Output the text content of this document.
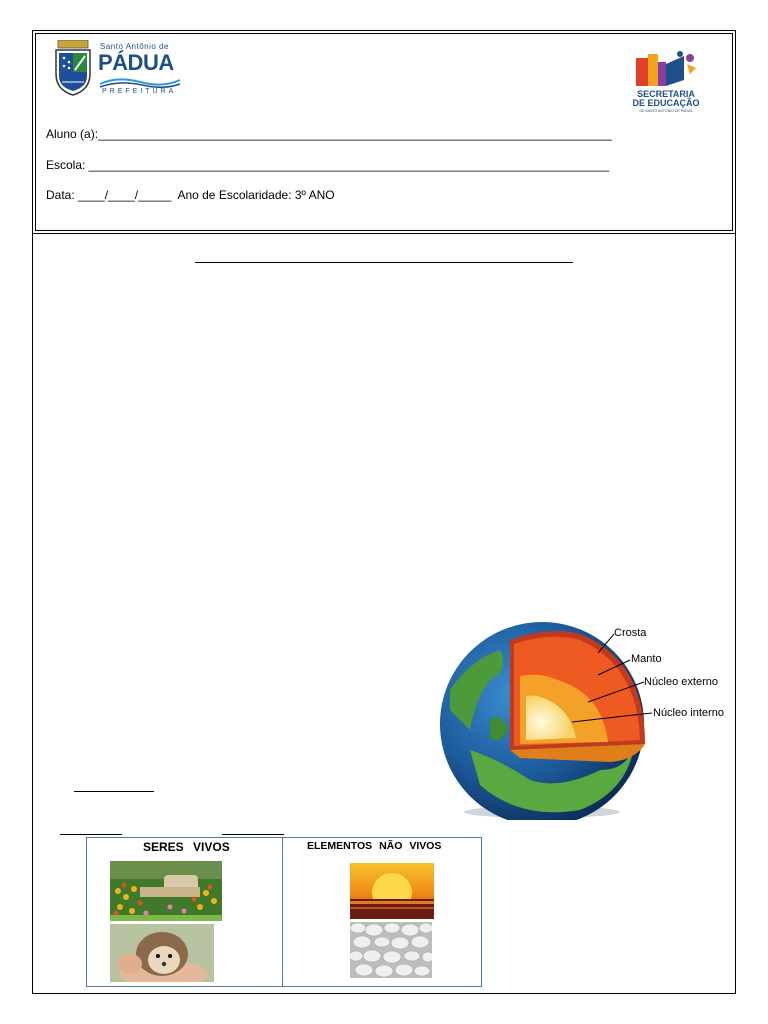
Santo Antônio de
PÁDUA
PREFEITURA	SECRETARIA
DE EDUCAÇÃO
DE SANTO ANTONIO DE PADUA
Aluno (a):_____________________________________________________________________________
Escola: ______________________________________________________________________________
Data: ____/____/_____  Ano de Escolaridade: 3º ANO
Crosta
Manto
Núcleo externo
Núcleo interno
SERES VIVOS	ELEMENTOS NÃO VIVOS
